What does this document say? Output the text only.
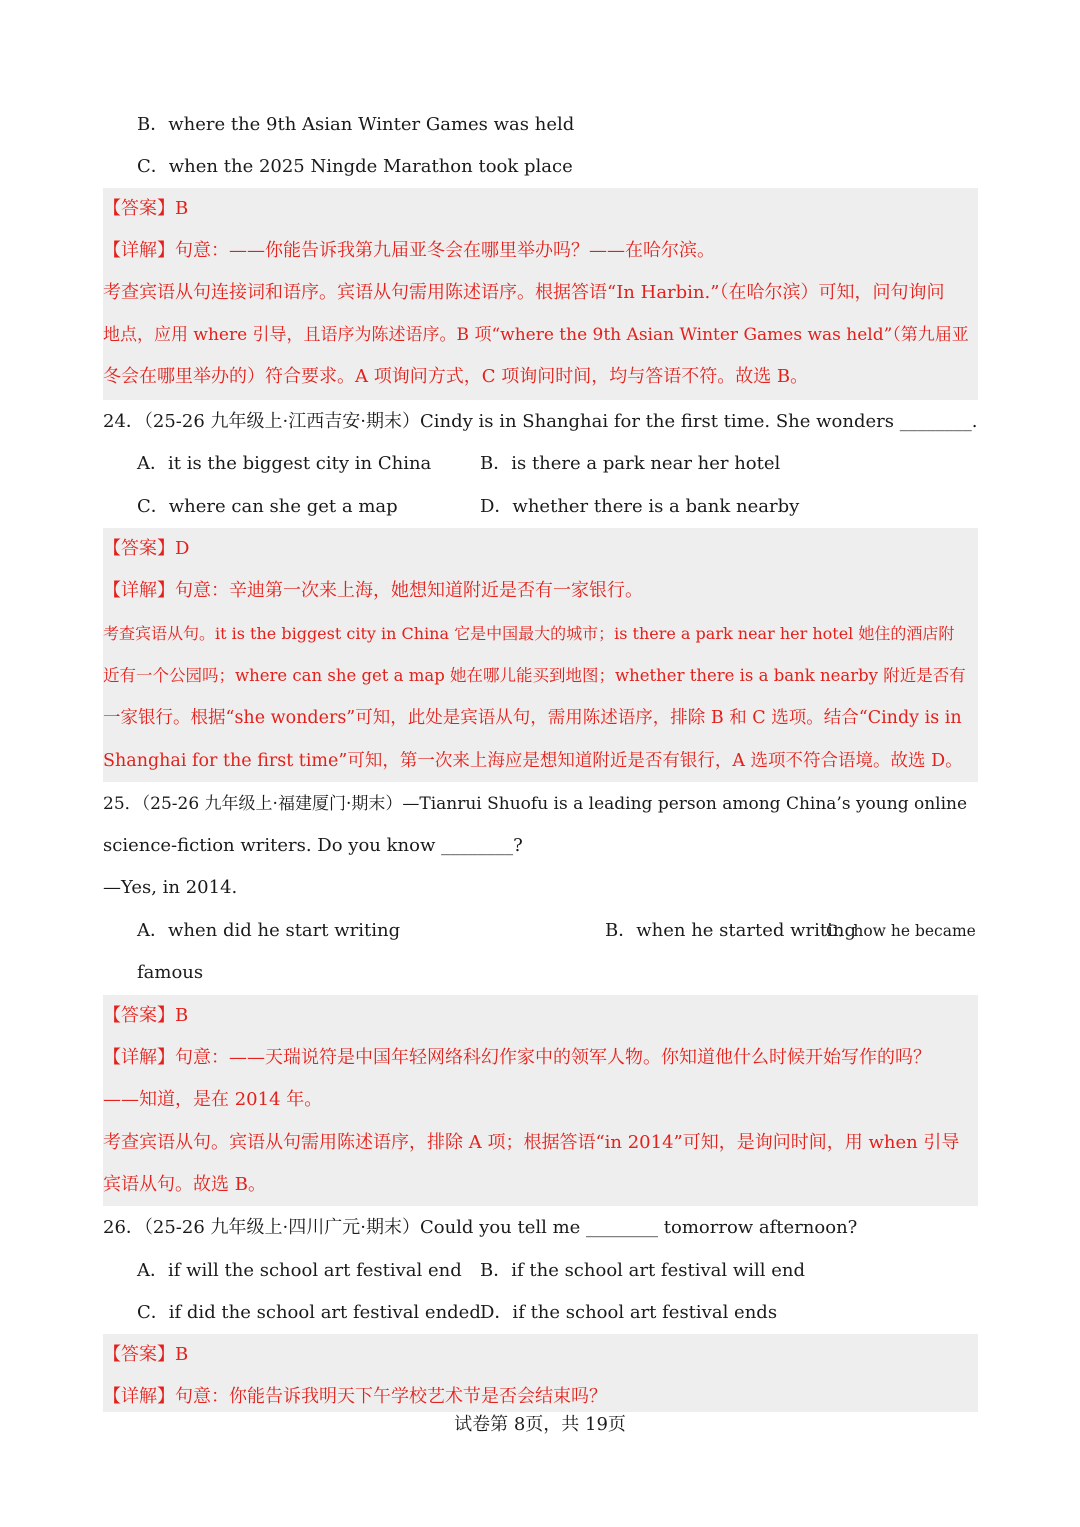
B．where the 9th Asian Winter Games was held
C．when the 2025 Ningde Marathon took place
【答案】B
【详解】句意：——你能告诉我第九届亚冬会在哪里举办吗？——在哈尔滨。
考查宾语从句连接词和语序。宾语从句需用陈述语序。根据答语“In Harbin.”（在哈尔滨）可知，问句询问
地点，应用 where 引导，且语序为陈述语序。B 项“where the 9th Asian Winter Games was held”（第九届亚
冬会在哪里举办的）符合要求。A 项询问方式，C 项询问时间，均与答语不符。故选 B。
24．（25-26 九年级上·江西吉安·期末）Cindy is in Shanghai for the first time. She wonders ________.
A．it is the biggest city in China	B．is there a park near her hotel
C．where can she get a map	D．whether there is a bank nearby
【答案】D
【详解】句意：辛迪第一次来上海，她想知道附近是否有一家银行。
考查宾语从句。it is the biggest city in China 它是中国最大的城市；is there a park near her hotel 她住的酒店附
近有一个公园吗；where can she get a map 她在哪儿能买到地图；whether there is a bank nearby 附近是否有
一家银行。根据“she wonders”可知，此处是宾语从句，需用陈述语序，排除 B 和 C 选项。结合“Cindy is in
Shanghai for the first time”可知，第一次来上海应是想知道附近是否有银行，A 选项不符合语境。故选 D。
25．（25-26 九年级上·福建厦门·期末）—Tianrui Shuofu is a leading person among China’s young online
science-fiction writers. Do you know ________?
—Yes, in 2014.
A．when did he start writing	B．when he started writing
C．how he became
famous
【答案】B
【详解】句意：——天瑞说符是中国年轻网络科幻作家中的领军人物。你知道他什么时候开始写作的吗？
——知道，是在 2014 年。
考查宾语从句。宾语从句需用陈述语序，排除 A 项；根据答语“in 2014”可知，是询问时间，用 when 引导
宾语从句。故选 B。
26．（25-26 九年级上·四川广元·期末）Could you tell me ________ tomorrow afternoon?
A．if will the school art festival end B．if the school art festival will end
C．if did the school art festival ended D．if the school art festival ends
【答案】B
【详解】句意：你能告诉我明天下午学校艺术节是否会结束吗？
试卷第 8页，共 19页
